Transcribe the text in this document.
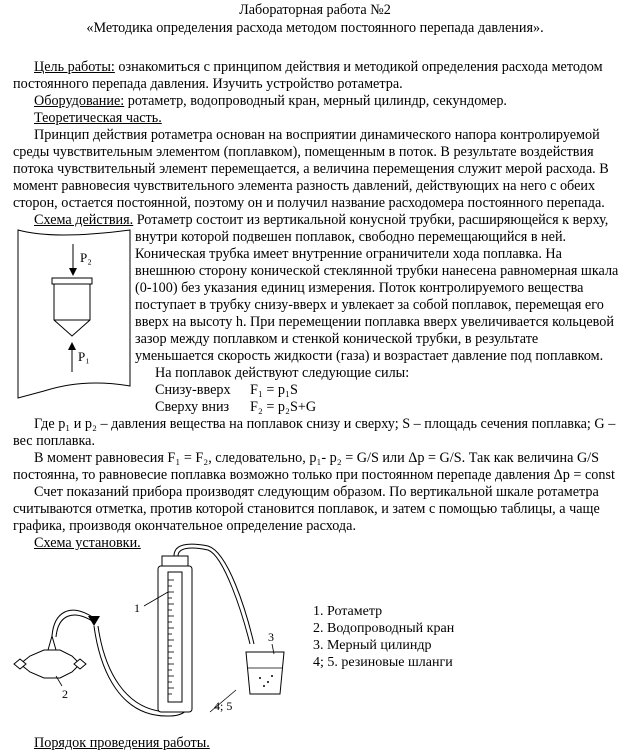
Лабораторная работа №2
«Методика определения расхода методом постоянного перепада давления».
Цель работы: ознакомиться с принципом действия и методикой определения расхода методом
постоянного перепада давления. Изучить устройство ротаметра.
Оборудование: ротаметр, водопроводный кран, мерный цилиндр, секундомер.
Теоретическая часть.
Принцип действия ротаметра основан на восприятии динамического напора контролируемой
среды чувствительным элементом (поплавком), помещенным в поток. В результате воздействия
потока чувствительный элемент перемещается, а величина перемещения служит мерой расхода. В
момент равновесия чувствительного элемента разность давлений, действующих на него с обеих
сторон, остается постоянной, поэтому он и получил название расходомера постоянного перепада.
Схема действия. Ротаметр состоит из вертикальной конусной трубки, расширяющейся к верху,
внутри которой подвешен поплавок, свободно перемещающийся в ней.
Коническая трубка имеет внутренние ограничители хода поплавка. На
внешнюю сторону конической стеклянной трубки нанесена равномерная шкала
(0-100) без указания единиц измерения. Поток контролируемого вещества
поступает в трубку снизу-вверх и увлекает за собой поплавок, перемещая его
вверх на высоту h. При перемещении поплавка вверх увеличивается кольцевой
зазор между поплавком и стенкой конической трубки, в результате
уменьшается скорость жидкости (газа) и возрастает давление под поплавком.
На поплавок действуют следующие силы:
Снизу-вверх F₁ = p₁S
Сверху вниз F₂ = p₂S+G
P₂
P₁
Где p₁ и p₂ – давления вещества на поплавок снизу и сверху; S – площадь сечения поплавка; G –
вес поплавка.
В момент равновесия F₁ = F₂, следовательно, p₁- p₂ = G/S или Δp = G/S. Так как величина G/S
постоянна, то равновесие поплавка возможно только при постоянном перепаде давления Δp = const
Счет показаний прибора производят следующим образом. По вертикальной шкале ротаметра
считываются отметка, против которой становится поплавок, и затем с помощью таблицы, а чаще
графика, производя окончательное определение расхода.
Схема установки.
2
1
3
4; 5
1. Ротаметр
2. Водопроводный кран
3. Мерный цилиндр
4; 5. резиновые шланги
Порядок проведения работы.
